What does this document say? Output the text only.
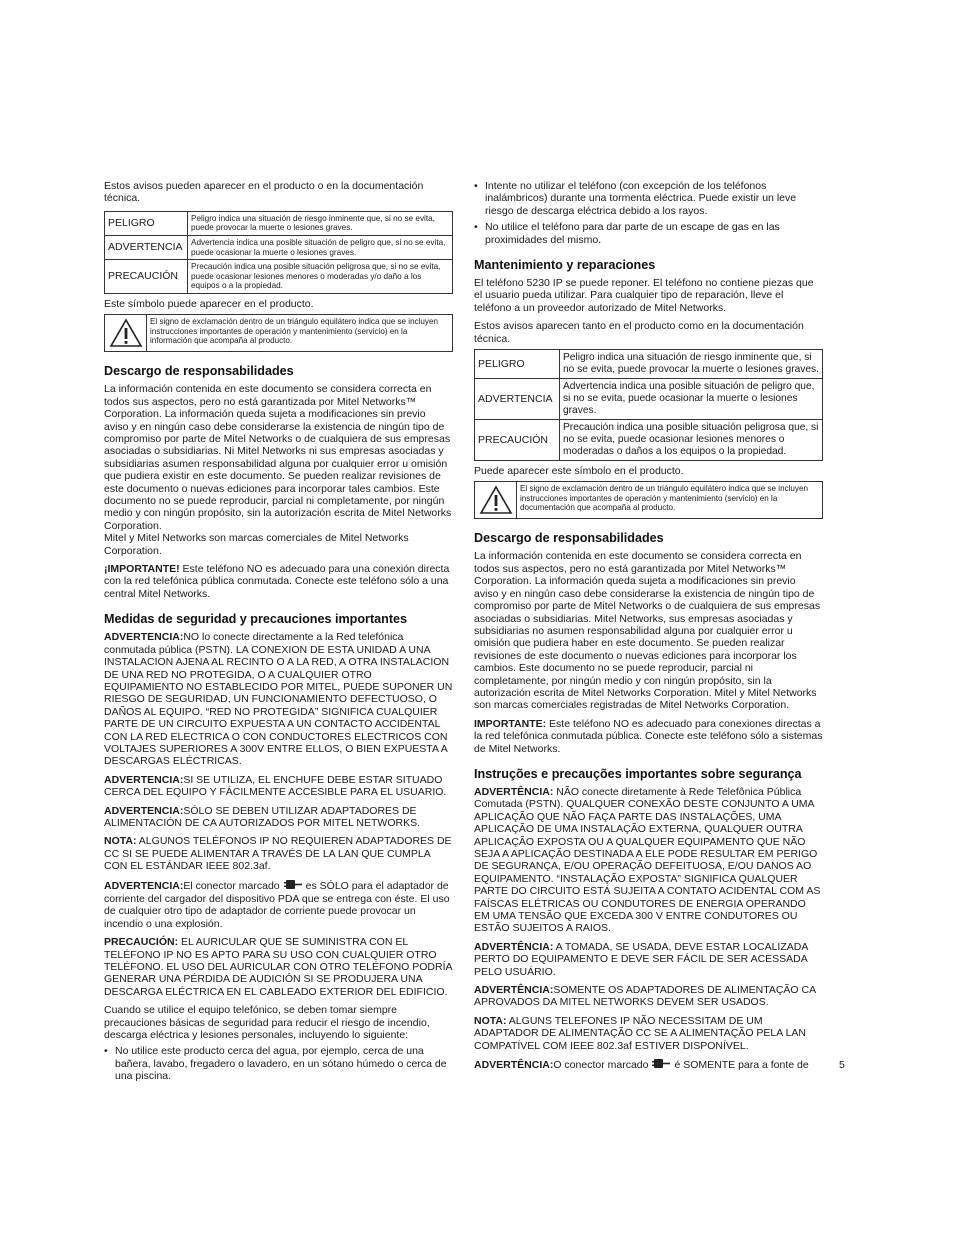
Estos avisos pueden aparecer en el producto o en la documentación técnica.

PELIGRO	Peligro indica una situación de riesgo inminente que, si no se evita, puede provocar la muerte o lesiones graves.
ADVERTENCIA	Advertencia indica una posible situación de peligro que, si no se evita, puede ocasionar la muerte o lesiones graves.
PRECAUCIÓN	Precaución indica una posible situación peligrosa que, si no se evita, puede ocasionar lesiones menores o moderadas y/o daño a los equipos o a la propiedad.

Este símbolo puede aparecer en el producto.

El signo de exclamación dentro de un triángulo equilátero indica que se incluyen instrucciones importantes de operación y mantenimiento (servicio) en la información que acompaña al producto.
Descargo de responsabilidades

La información contenida en este documento se considera correcta en todos sus aspectos, pero no está garantizada por Mitel Networks™ Corporation. La información queda sujeta a modificaciones sin previo aviso y en ningún caso debe considerarse la existencia de ningún tipo de compromiso por parte de Mitel Networks o de cualquiera de sus empresas asociadas o subsidiarias. Ni Mitel Networks ni sus empresas asociadas y subsidiarias asumen responsabilidad alguna por cualquier error u omisión que pudiera existir en este documento. Se pueden realizar revisiones de este documento o nuevas ediciones para incorporar tales cambios. Este documento no se puede reproducir, parcial ni completamente, por ningún medio y con ningún propósito, sin la autorización escrita de Mitel Networks Corporation.

Mitel y Mitel Networks son marcas comerciales de Mitel Networks Corporation.

¡IMPORTANTE! Este teléfono NO es adecuado para una conexión directa con la red telefónica pública conmutada. Conecte este teléfono sólo a una central Mitel Networks.

Medidas de seguridad y precauciones importantes

ADVERTENCIA:NO lo conecte directamente a la Red telefónica conmutada pública (PSTN). LA CONEXION DE ESTA UNIDAD A UNA INSTALACION AJENA AL RECINTO O A LA RED, A OTRA INSTALACION DE UNA RED NO PROTEGIDA, O A CUALQUIER OTRO EQUIPAMIENTO NO ESTABLECIDO POR MITEL, PUEDE SUPONER UN RIESGO DE SEGURIDAD, UN FUNCIONAMIENTO DEFECTUOSO, O DAÑOS AL EQUIPO. “RED NO PROTEGIDA” SIGNIFICA CUALQUIER PARTE DE UN CIRCUITO EXPUESTA A UN CONTACTO ACCIDENTAL CON LA RED ELECTRICA O CON CONDUCTORES ELECTRICOS CON VOLTAJES SUPERIORES A 300V ENTRE ELLOS, O BIEN EXPUESTA A DESCARGAS ELÉCTRICAS.

ADVERTENCIA:SI SE UTILIZA, EL ENCHUFE DEBE ESTAR SITUADO CERCA DEL EQUIPO Y FÁCILMENTE ACCESIBLE PARA EL USUARIO.

ADVERTENCIA:SÓLO SE DEBEN UTILIZAR ADAPTADORES DE ALIMENTACIÓN DE CA AUTORIZADOS POR MITEL NETWORKS.

NOTA: ALGUNOS TELÉFONOS IP NO REQUIEREN ADAPTADORES DE CC SI SE PUEDE ALIMENTAR A TRAVÉS DE LA LAN QUE CUMPLA CON EL ESTÁNDAR IEEE 802.3af.

ADVERTENCIA:El conector marcado es SÓLO para el adaptador de corriente del cargador del dispositivo PDA que se entrega con éste. El uso de cualquier otro tipo de adaptador de corriente puede provocar un incendio o una explosión.

PRECAUCIÓN: EL AURICULAR QUE SE SUMINISTRA CON EL TELÉFONO IP NO ES APTO PARA SU USO CON CUALQUIER OTRO TELÉFONO. EL USO DEL AURICULAR CON OTRO TELÉFONO PODRÍA GENERAR UNA PÉRDIDA DE AUDICIÓN SI SE PRODUJERA UNA DESCARGA ELÉCTRICA EN EL CABLEADO EXTERIOR DEL EDIFICIO.

Cuando se utilice el equipo telefónico, se deben tomar siempre precauciones básicas de seguridad para reducir el riesgo de incendio, descarga eléctrica y lesiones personales, incluyendo lo siguiente:

• No utilice este producto cerca del agua, por ejemplo, cerca de una bañera, lavabo, fregadero o lavadero, en un sótano húmedo o cerca de una piscina.
• Intente no utilizar el teléfono (con excepción de los teléfonos inalámbricos) durante una tormenta eléctrica. Puede existir un leve riesgo de descarga eléctrica debido a los rayos.
• No utilice el teléfono para dar parte de un escape de gas en las proximidades del mismo.
Mantenimiento y reparaciones

El teléfono 5230 IP se puede reponer. El teléfono no contiene piezas que el usuario pueda utilizar. Para cualquier tipo de reparación, lleve el teléfono a un proveedor autorizado de Mitel Networks.

Estos avisos aparecen tanto en el producto como en la documentación técnica.

PELIGRO	Peligro indica una situación de riesgo inminente que, si no se evita, puede provocar la muerte o lesiones graves.
ADVERTENCIA	Advertencia indica una posible situación de peligro que, si no se evita, puede ocasionar la muerte o lesiones graves.
PRECAUCIÓN	Precaución indica una posible situación peligrosa que, si no se evita, puede ocasionar lesiones menores o moderadas o daños a los equipos o la propiedad.

Puede aparecer este símbolo en el producto.

El signo de exclamación dentro de un triángulo equilátero indica que se incluyen instrucciones importantes de operación y mantenimiento (servicio) en la documentación que acompaña al producto.
Descargo de responsabilidades

La información contenida en este documento se considera correcta en todos sus aspectos, pero no está garantizada por Mitel Networks™ Corporation. La información queda sujeta a modificaciones sin previo aviso y en ningún caso debe considerarse la existencia de ningún tipo de compromiso por parte de Mitel Networks o de cualquiera de sus empresas asociadas o subsidiarias. Mitel Networks, sus empresas asociadas y subsidiarias no asumen responsabilidad alguna por cualquier error u omisión que pudiera haber en este documento. Se pueden realizar revisiones de este documento o nuevas ediciones para incorporar los cambios. Este documento no se puede reproducir, parcial ni completamente, por ningún medio y con ningún propósito, sin la autorización escrita de Mitel Networks Corporation. Mitel y Mitel Networks son marcas comerciales registradas de Mitel Networks Corporation.

IMPORTANTE: Este teléfono NO es adecuado para conexiones directas a la red telefónica conmutada pública. Conecte este teléfono sólo a sistemas de Mitel Networks.

Instruções e precauções importantes sobre segurança

ADVERTÊNCIA: NÃO conecte diretamente à Rede Telefônica Pública Comutada (PSTN). QUALQUER CONEXÃO DESTE CONJUNTO A UMA APLICAÇÃO QUE NÃO FAÇA PARTE DAS INSTALAÇÕES, UMA APLICAÇÃO DE UMA INSTALAÇÃO EXTERNA, QUALQUER OUTRA APLICAÇÃO EXPOSTA OU A QUALQUER EQUIPAMENTO QUE NÃO SEJA A APLICAÇÃO DESTINADA A ELE PODE RESULTAR EM PERIGO DE SEGURANÇA, E/OU OPERAÇÃO DEFEITUOSA, E/OU DANOS AO EQUIPAMENTO. “INSTALAÇÃO EXPOSTA” SIGNIFICA QUALQUER PARTE DO CIRCUITO ESTÁ SUJEITA A CONTATO ACIDENTAL COM AS FAÍSCAS ELÉTRICAS OU CONDUTORES DE ENERGIA OPERANDO EM UMA TENSÃO QUE EXCEDA 300 V ENTRE CONDUTORES OU ESTÃO SUJEITOS A RAIOS.

ADVERTÊNCIA: A TOMADA, SE USADA, DEVE ESTAR LOCALIZADA PERTO DO EQUIPAMENTO E DEVE SER FÁCIL DE SER ACESSADA PELO USUÁRIO.

ADVERTÊNCIA:SOMENTE OS ADAPTADORES DE ALIMENTAÇÃO CA APROVADOS DA MITEL NETWORKS DEVEM SER USADOS.

NOTA: ALGUNS TELEFONES IP NÃO NECESSITAM DE UM ADAPTADOR DE ALIMENTAÇÃO CC SE A ALIMENTAÇÃO PELA LAN COMPATÍVEL COM IEEE 802.3af ESTIVER DISPONÍVEL.

ADVERTÊNCIA:O conector marcado é SOMENTE para a fonte de	5
